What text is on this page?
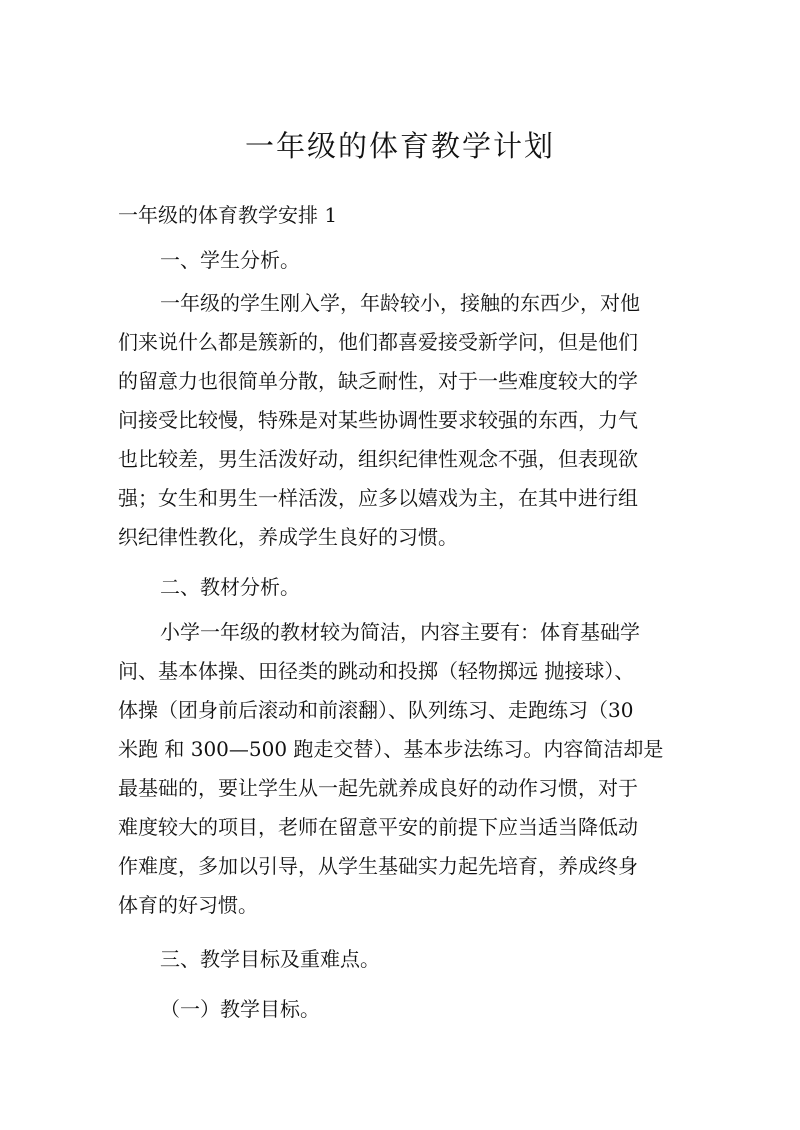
一年级的体育教学计划

一年级的体育教学安排 1

一、学生分析。

一年级的学生刚入学，年龄较小，接触的东西少，对他

们来说什么都是簇新的，他们都喜爱接受新学问，但是他们

的留意力也很简单分散，缺乏耐性，对于一些难度较大的学

问接受比较慢，特殊是对某些协调性要求较强的东西，力气

也比较差，男生活泼好动，组织纪律性观念不强，但表现欲

强；女生和男生一样活泼，应多以嬉戏为主，在其中进行组

织纪律性教化，养成学生良好的习惯。

二、教材分析。

小学一年级的教材较为简洁，内容主要有：体育基础学

问、基本体操、田径类的跳动和投掷（轻物掷远 抛接球）、

体操（团身前后滚动和前滚翻）、队列练习、走跑练习（30

米跑 和 300—500 跑走交替）、基本步法练习。内容简洁却是

最基础的，要让学生从一起先就养成良好的动作习惯，对于

难度较大的项目，老师在留意平安的前提下应当适当降低动

作难度，多加以引导，从学生基础实力起先培育，养成终身

体育的好习惯。

三、教学目标及重难点。

（一）教学目标。
